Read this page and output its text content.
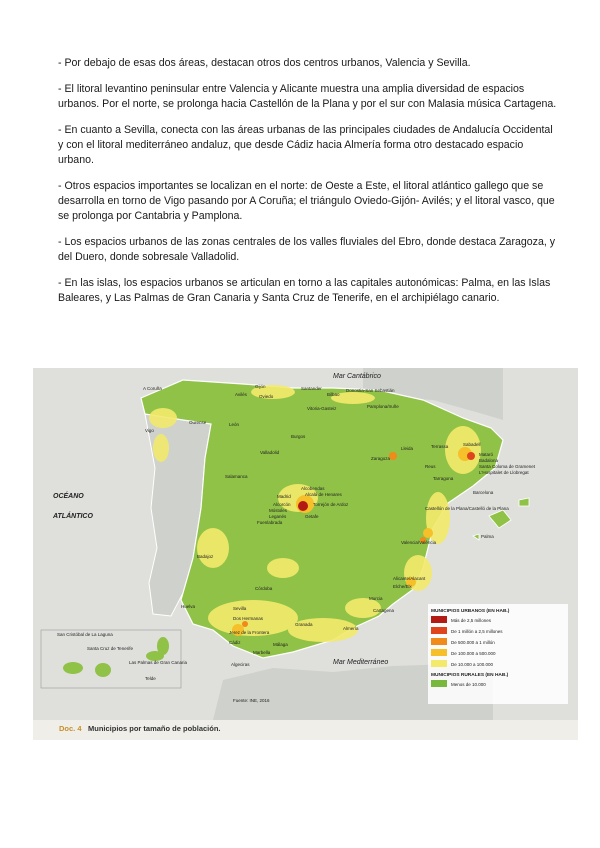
- Por debajo de esas dos áreas, destacan otros dos centros urbanos, Valencia y Sevilla.

- El litoral levantino peninsular entre Valencia y Alicante muestra una amplia diversidad de espacios urbanos. Por el norte, se prolonga hacia Castellón de la Plana y por el sur con Malasia música Cartagena.

- En cuanto a Sevilla, conecta con las áreas urbanas de las principales ciudades de Andalucía Occidental y con el litoral mediterráneo andaluz, que desde Cádiz hacia Almería forma otro destacado espacio urbano.

- Otros espacios importantes se localizan en el norte: de Oeste a Este, el litoral atlántico gallego que se desarrolla en torno de Vigo pasando por A Coruña; el triángulo Oviedo-Gijón- Avilés; y el litoral vasco, que se prolonga por Cantabria y Pamplona.

- Los espacios urbanos de las zonas centrales de los valles fluviales del Ebro, donde destaca Zaragoza, y del Duero, donde sobresale Valladolid.

- En las islas, los espacios urbanos se articulan en torno a las capitales autonómicas: Palma, en las Islas Baleares, y Las Palmas de Gran Canaria y Santa Cruz de Tenerife, en el archipiélago canario.

Mar Cantábrico
OCÉANO
ATLÁNTICO
Mar Mediterráneo
A Coruña	Gijón
Avilés	Oviedo
Santander
Bilbao
Donostia-San Sebastián
Vitoria-Gasteiz	Pamplona/Iruñe
Vigo
Ourense	León
Burgos
Valladolid
Zaragoza
Lleida	Terrassa	Sabadell
Mataró
Badalona
Santa Coloma de Gramenet
L'Hospitalet de Llobregat
Reus
Tarragona
Barcelona
Salamanca
Alcobendas
Alcalá de Henares
Madrid
Torrejón de Ardoz
Alcorcón
Móstoles
Leganés	Getafe
Fuenlabrada
Castellón de la Plana/Castelló de la Plana
Palma
Valencia/València
Badajoz
Córdoba
Alicante/Alacant
Elche/Elx
Murcia
Cartagena
Huelva	Sevilla
Dos Hermanas
Jerez de la Frontera
Cádiz
Granada
Almería
Málaga
Marbella
Algeciras
San Cristóbal de La Laguna
Santa Cruz de Tenerife
Las Palmas de Gran Canaria
Telde
MUNICIPIOS URBANOS (EN HAB.)
Más de 2,5 millones
De 1 millón a 2,5 millones
De 500.000 a 1 millón
De 100.000 a 500.000
De 10.000 a 100.000
MUNICIPIOS RURALES (EN HAB.)
Menos de 10.000
Fuente: INE, 2016
Doc. 4 Municipios por tamaño de población.
